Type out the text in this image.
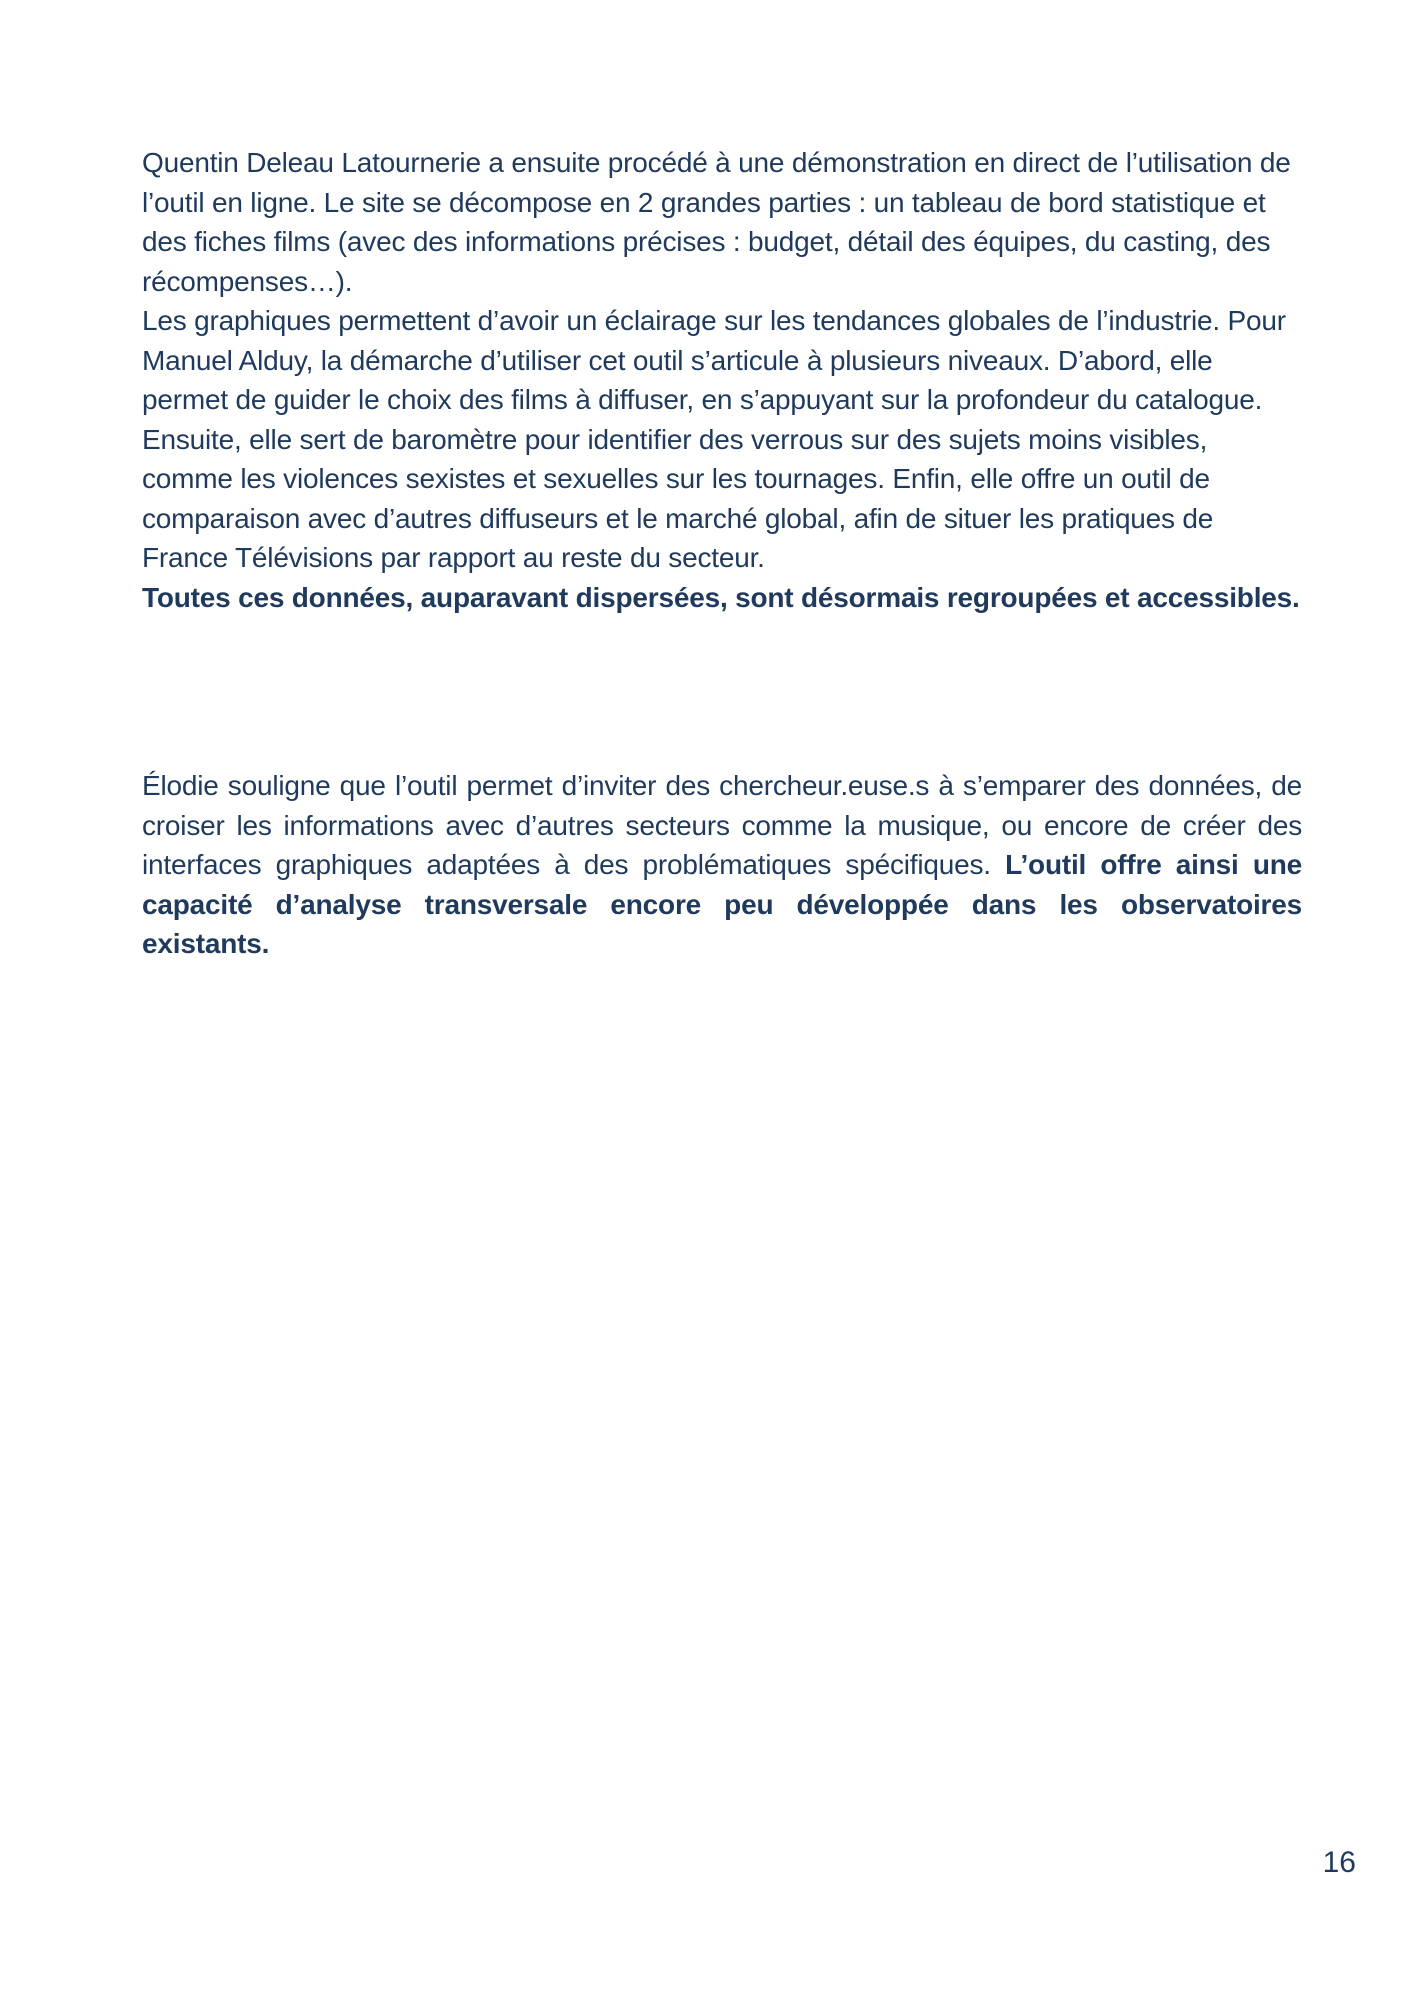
Quentin Deleau Latournerie a ensuite procédé à une démonstration en direct de l’utilisation de l’outil en ligne. Le site se décompose en 2 grandes parties : un tableau de bord statistique et des fiches films (avec des informations précises : budget, détail des équipes, du casting, des récompenses…).

Les graphiques permettent d’avoir un éclairage sur les tendances globales de l’industrie. Pour Manuel Alduy, la démarche d’utiliser cet outil s’articule à plusieurs niveaux. D’abord, elle permet de guider le choix des films à diffuser, en s’appuyant sur la profondeur du catalogue. Ensuite, elle sert de baromètre pour identifier des verrous sur des sujets moins visibles, comme les violences sexistes et sexuelles sur les tournages. Enfin, elle offre un outil de comparaison avec d’autres diffuseurs et le marché global, afin de situer les pratiques de France Télévisions par rapport au reste du secteur.

Toutes ces données, auparavant dispersées, sont désormais regroupées et accessibles.

Élodie souligne que l’outil permet d’inviter des chercheur.euse.s à s’emparer des données, de croiser les informations avec d’autres secteurs comme la musique, ou encore de créer des interfaces graphiques adaptées à des problématiques spécifiques. L’outil offre ainsi une capacité d’analyse transversale encore peu développée dans les observatoires existants.

16
